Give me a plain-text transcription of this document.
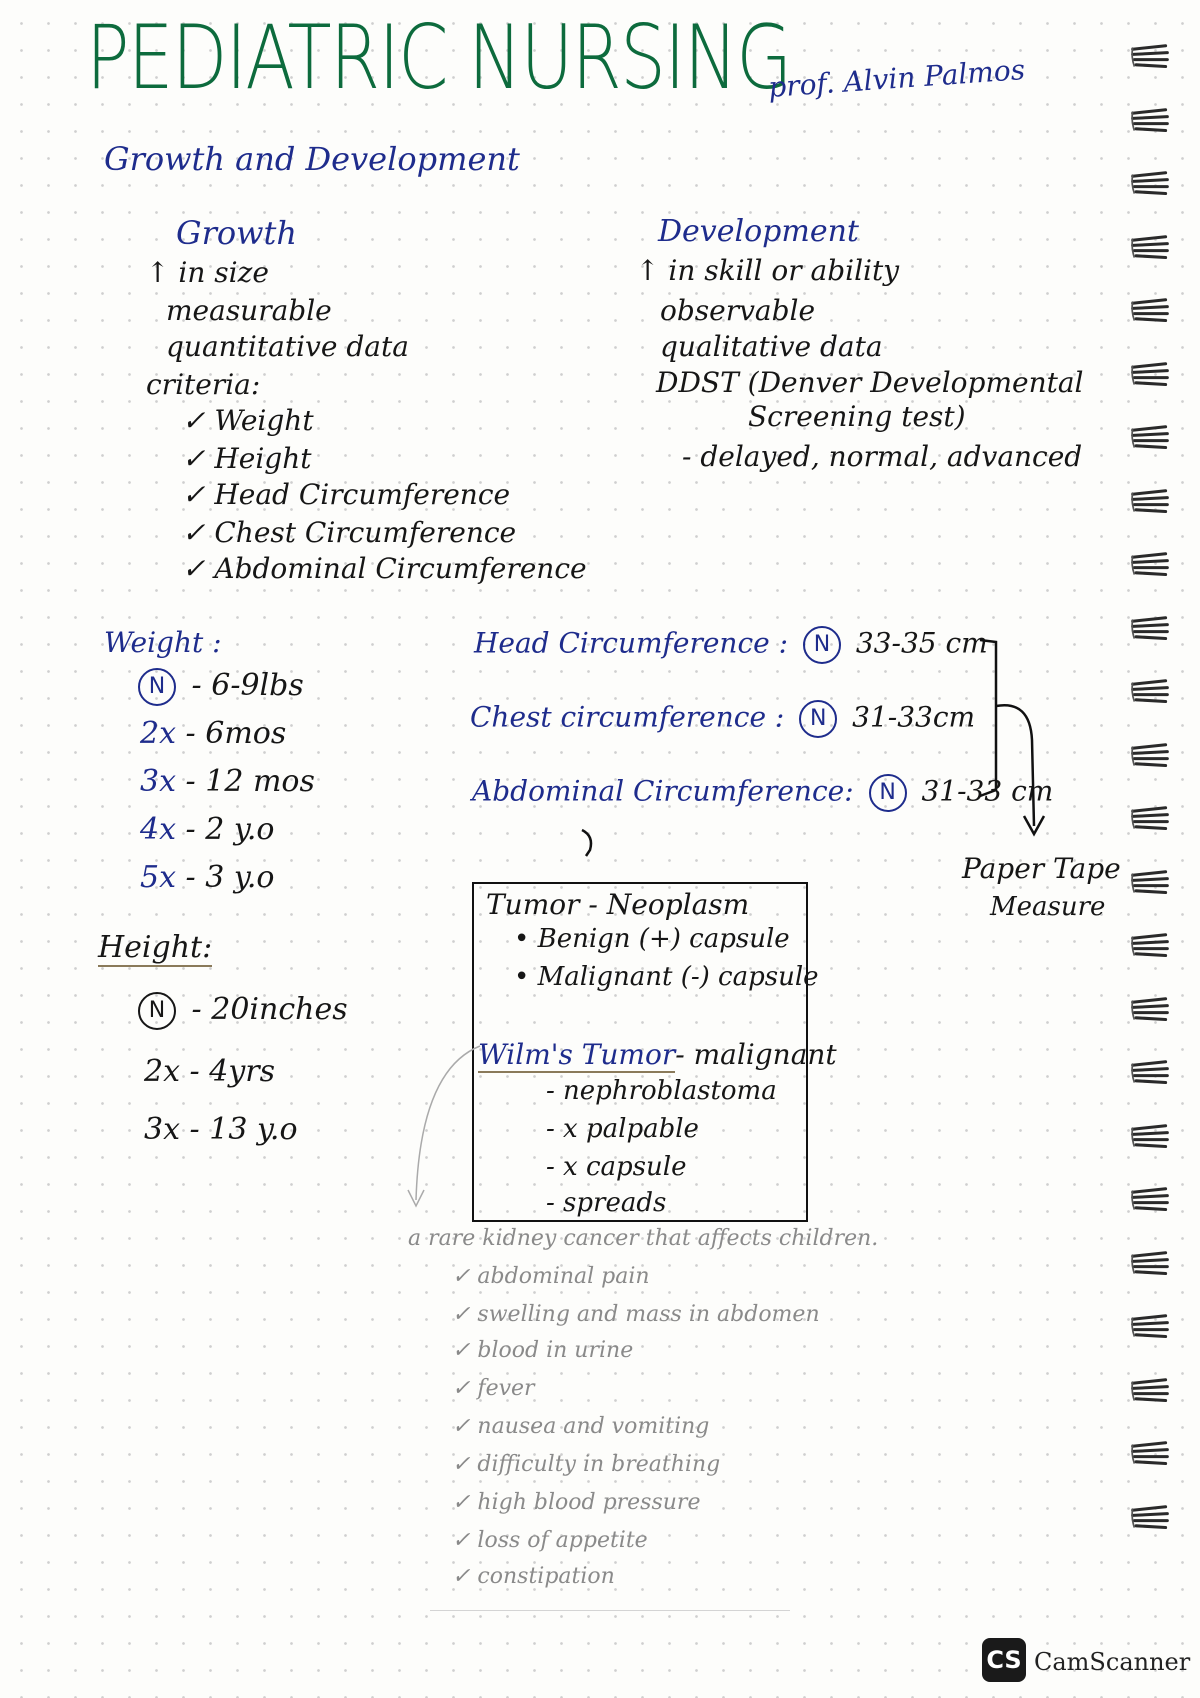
PEDIATRIC NURSING
prof. Alvin Palmos
Growth and Development
Growth
↑ in size
measurable
quantitative data
criteria:
✓ Weight
✓ Height
✓ Head Circumference
✓ Chest Circumference
✓ Abdominal Circumference
Development
↑ in skill or ability
observable
qualitative data
DDST (Denver Developmental
Screening test)
- delayed, normal, advanced
Weight :
N - 6-9lbs
2x - 6mos
3x - 12 mos
4x - 2 y.o
5x - 3 y.o
Height:
N - 20inches
2x - 4yrs
3x - 13 y.o
Head Circumference : N 33-35 cm
Chest circumference : N 31-33cm
Abdominal Circumference: N 31-33 cm
Paper Tape
Measure
Tumor - Neoplasm
• Benign (+) capsule
• Malignant (-) capsule
Wilm's Tumor- malignant
- nephroblastoma
- x palpable
- x capsule
- spreads
a rare kidney cancer that affects children.
✓ abdominal pain
✓ swelling and mass in abdomen
✓ blood in urine
✓ fever
✓ nausea and vomiting
✓ difficulty in breathing
✓ high blood pressure
✓ loss of appetite
✓ constipation
CS CamScanner
